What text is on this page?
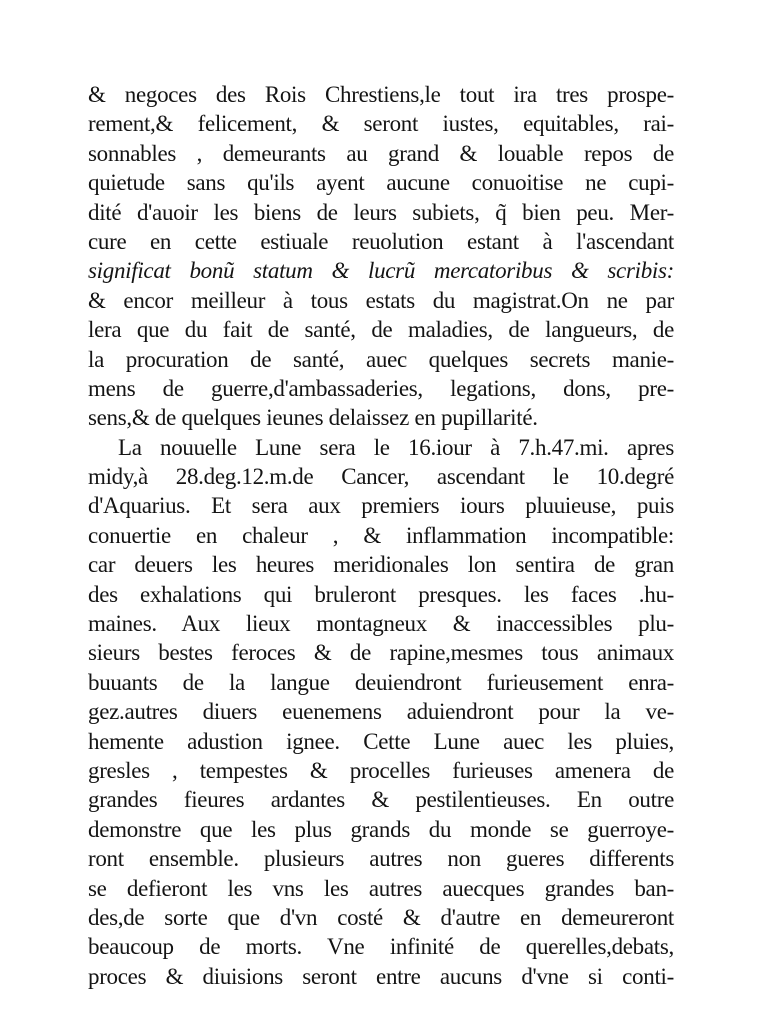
& negoces des Rois Chrestiens,le tout ira tres prospe-
rement,& felicement, & seront iustes, equitables, rai-
sonnables , demeurants au grand & louable repos de
quietude sans qu'ils ayent aucune conuoitise ne cupi-
dité d'auoir les biens de leurs subiets, q̃ bien peu. Mer-
cure en cette estiuale reuolution estant à l'ascendant
significat bonũ statum & lucrũ mercatoribus & scribis:
& encor meilleur à tous estats du magistrat.On ne par
lera que du fait de santé, de maladies, de langueurs, de
la procuration de santé, auec quelques secrets manie-
mens de guerre,d'ambassaderies, legations, dons, pre-
sens,& de quelques ieunes delaissez en pupillarité.
La nouuelle Lune sera le 16.iour à 7.h.47.mi. apres
midy,à 28.deg.12.m.de Cancer, ascendant le 10.degré
d'Aquarius. Et sera aux premiers iours pluuieuse, puis
conuertie en chaleur , & inflammation incompatible:
car deuers les heures meridionales lon sentira de gran
des exhalations qui bruleront presques. les faces .hu-
maines. Aux lieux montagneux & inaccessibles plu-
sieurs bestes feroces & de rapine,mesmes tous animaux
buuants de la langue deuiendront furieusement enra-
gez.autres diuers euenemens aduiendront pour la ve-
hemente adustion ignee. Cette Lune auec les pluies,
gresles , tempestes & procelles furieuses amenera de
grandes fieures ardantes & pestilentieuses. En outre
demonstre que les plus grands du monde se guerroye-
ront ensemble. plusieurs autres non gueres differents
se defieront les vns les autres auecques grandes ban-
des,de sorte que d'vn costé & d'autre en demeureront
beaucoup de morts. Vne infinité de querelles,debats,
proces & diuisions seront entre aucuns d'vne si conti-
